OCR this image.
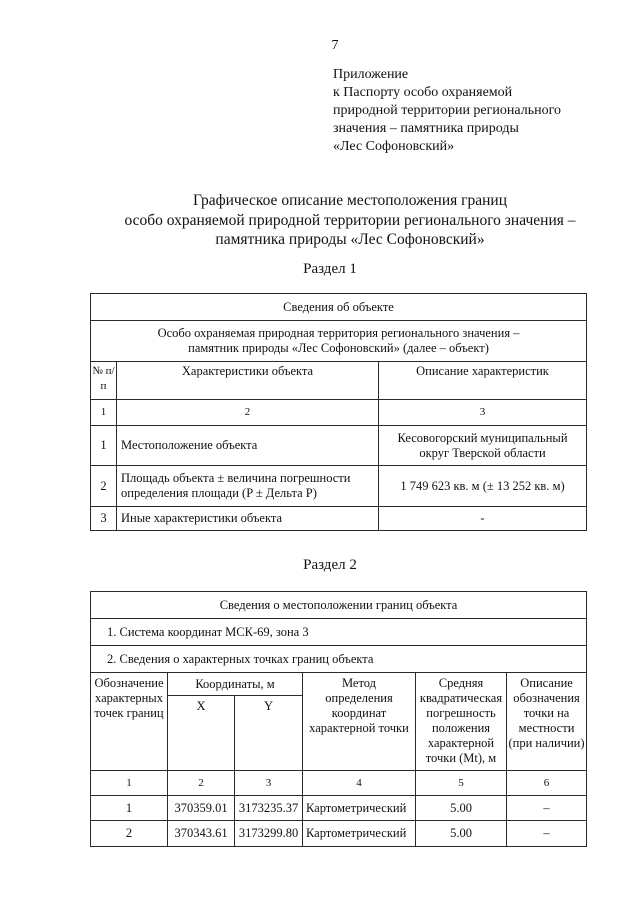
7
Приложение
к Паспорту особо охраняемой
природной территории регионального
значения – памятника природы
«Лес Софоновский»
Графическое описание местоположения границ
особо охраняемой природной территории регионального значения –
памятника природы «Лес Софоновский»
Раздел 1
Сведения об объекте		

Особо охраняемая природная территория регионального значения –
памятник природы «Лес Софоновский» (далее – объект)		

№ п/п	Характеристики объекта	Описание характеристик
1	2	3
1	Местоположение объекта	Кесовогорский муниципальный округ Тверской области
2	Площадь объекта ± величина погрешности определения площади (P ± Дельта P)	1 749 623 кв. м (± 13 252 кв. м)
3	Иные характеристики объекта	-
Раздел 2
Сведения о местоположении границ объекта					
1. Система координат МСК-69, зона 3					
2. Сведения о характерных точках границ объекта					
Обозначение характерных точек границ	Координаты, м		Метод определения координат характерной точки	Средняя квадратическая погрешность положения характерной точки (Mt), м	Описание обозначения точки на местности (при наличии)
	X	Y			
1	2	3	4	5	6
1	370359.01	3173235.37	Картометрический	5.00	–
2	370343.61	3173299.80	Картометрический	5.00	–
